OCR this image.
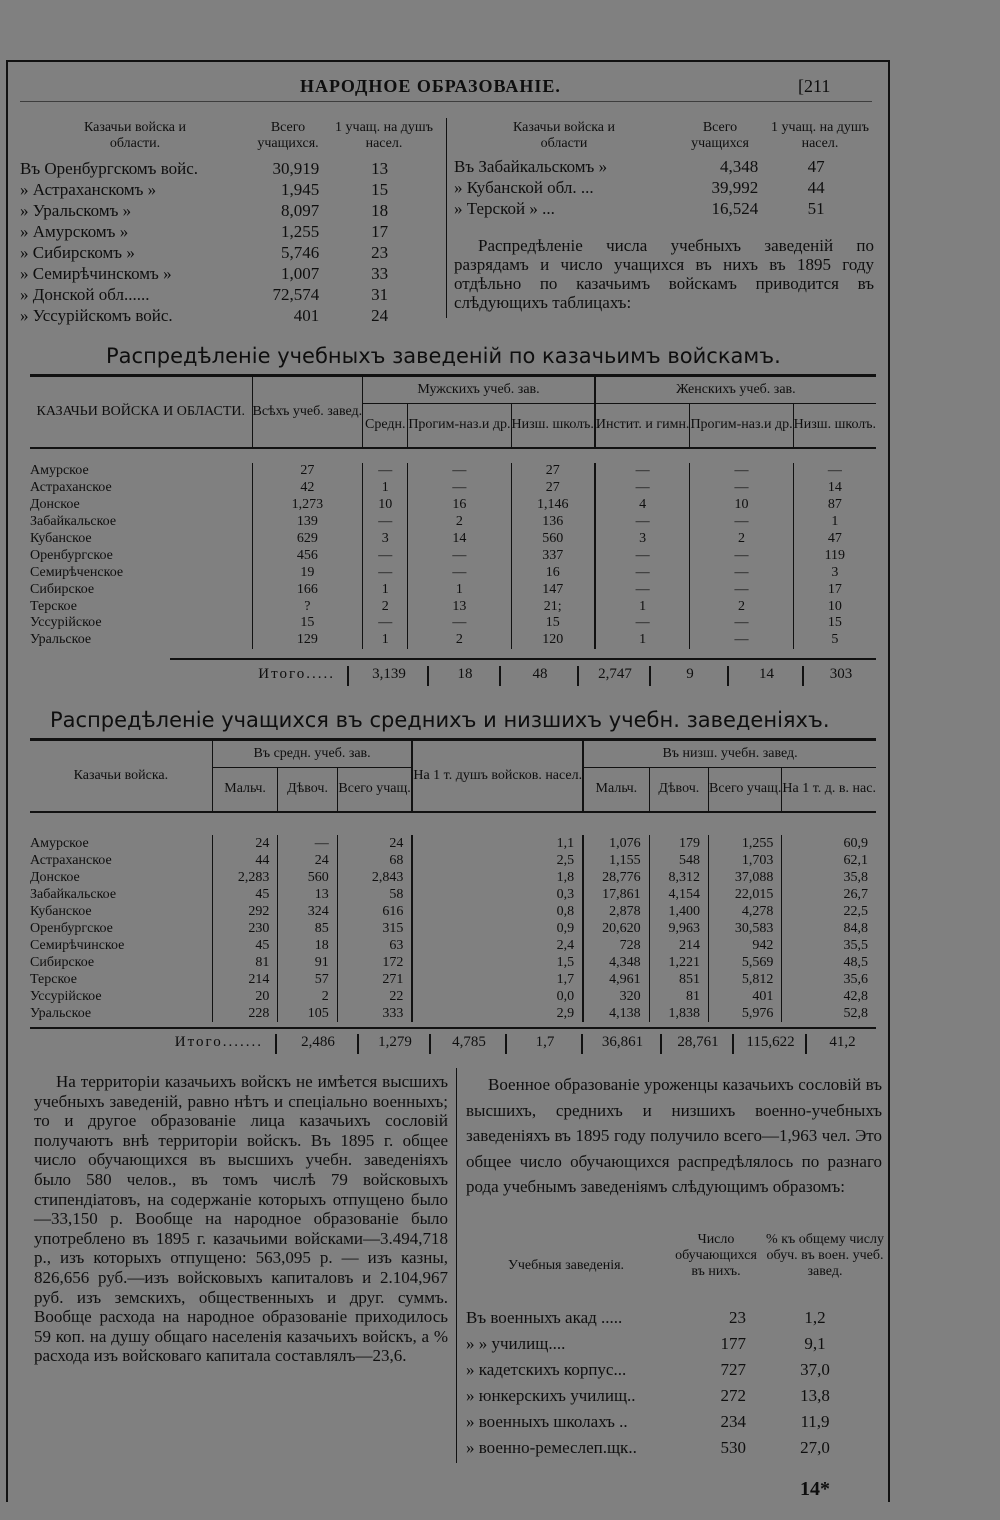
НАРОДНОЕ ОБРАЗОВАНІЕ.	[211
Казачьи войска и области.
Всего учащихся.
1 учащ. на душъ насел.
Въ Оренбургскомъ войс.	30,919	13
» Астраханскомъ »	1,945	15
» Уральскомъ »	8,097	18
» Амурскомъ »	1,255	17
» Сибирскомъ »	5,746	23
» Семирѣчинскомъ »	1,007	33
» Донской обл......	72,574	31
» Уссурійскомъ войс.	401	24
Казачьи войска и области
Всего учащихся
1 учащ. на душъ насел.
Въ Забайкальскомъ »	4,348	47
» Кубанской обл. ...	39,992	44
» Терской » ...	16,524	51
Распредѣленіе числа учебныхъ заведеній по разрядамъ и число учащихся въ нихъ въ 1895 году отдѣльно по казачьимъ войскамъ приводится въ слѣдующихъ таблицахъ:
Распредѣленіе учебныхъ заведеній по казачьимъ войскамъ.
КАЗАЧЬИ ВОЙСКА И ОБЛАСТИ.	Всѣхъ учеб. завед.	Мужскихъ учеб. зав.			Женскихъ учеб. зав.		
		Средн.	Прогим-наз.и др.	Низш. школъ.	Инстит. и гимн.	Прогим-наз.и др.	Низш. школъ.

Амурское	27	—	—	27	—	—	—
Астраханское	42	1	—	27	—	—	14
Донское	1,273	10	16	1,146	4	10	87
Забайкальское	139	—	2	136	—	—	1
Кубанское	629	3	14	560	3	2	47
Оренбургское	456	—	—	337	—	—	119
Семирѣченское	19	—	—	16	—	—	3
Сибирское	166	1	1	147	—	—	17
Терское	?	2	13	21;	1	2	10
Уссурійское	15	—	—	15	—	—	15
Уральское	129	1	2	120	1	—	5
Итого.....	3,139	18	48	2,747	9	14	303
Распредѣленіе учащихся въ среднихъ и низшихъ учебн. заведеніяхъ.
Казачьи войска.	Въ средн. учеб. зав.			На 1 т. душъ войсков. насел.	Въ низш. учебн. завед.			
	Мальч.	Дѣвоч.	Всего учащ.		Мальч.	Дѣвоч.	Всего учащ.	На 1 т. д. в. нас.

Амурское	24	—	24	1,1	1,076	179	1,255	60,9
Астраханское	44	24	68	2,5	1,155	548	1,703	62,1
Донское	2,283	560	2,843	1,8	28,776	8,312	37,088	35,8
Забайкальское	45	13	58	0,3	17,861	4,154	22,015	26,7
Кубанское	292	324	616	0,8	2,878	1,400	4,278	22,5
Оренбургское	230	85	315	0,9	20,620	9,963	30,583	84,8
Семирѣчинское	45	18	63	2,4	728	214	942	35,5
Сибирское	81	91	172	1,5	4,348	1,221	5,569	48,5
Терское	214	57	271	1,7	4,961	851	5,812	35,6
Уссурійское	20	2	22	0,0	320	81	401	42,8
Уральское	228	105	333	2,9	4,138	1,838	5,976	52,8
Итого.......	2,486	1,279	4,785	1,7	36,861	28,761	115,622	41,2
На территоріи казачьихъ войскъ не имѣется высшихъ учебныхъ заведеній, равно нѣтъ и спеціально военныхъ; то и другое образованіе лица казачьихъ сословій получаютъ внѣ территоріи войскъ. Въ 1895 г. общее число обучающихся въ высшихъ учебн. заведеніяхъ было 580 челов., въ томъ числѣ 79 войсковыхъ стипендіатовъ, на содержаніе которыхъ отпущено было—33,150 р. Вообще на народное образованіе было употреблено въ 1895 г. казачьими войсками—3.494,718 р., изъ которыхъ отпущено: 563,095 р. — изъ казны, 826,656 руб.—изъ войсковыхъ капиталовъ и 2.104,967 руб. изъ земскихъ, общественныхъ и друг. суммъ. Вообще расхода на народное образованіе приходилось 59 коп. на душу общаго населенія казачьихъ войскъ, а % расхода изъ войсковаго капитала составлялъ—23,6.
Военное образованіе уроженцы казачьихъ сословій въ высшихъ, среднихъ и низшихъ военно-учебныхъ заведеніяхъ въ 1895 году получило всего—1,963 чел. Это общее число обучающихся распредѣлялось по разнаго рода учебнымъ заведеніямъ слѣдующимъ образомъ:
Учебныя заведенія.
Число обучающихся въ нихъ.
% къ общему числу обуч. въ воен. учеб. завед.
Въ военныхъ акад .....	23	1,2
» » училищ....	177	9,1
» кадетскихъ корпус...	727	37,0
» юнкерскихъ училищ..	272	13,8
» военныхъ школахъ ..	234	11,9
» военно-ремеслеп.щк..	530	27,0
14*
